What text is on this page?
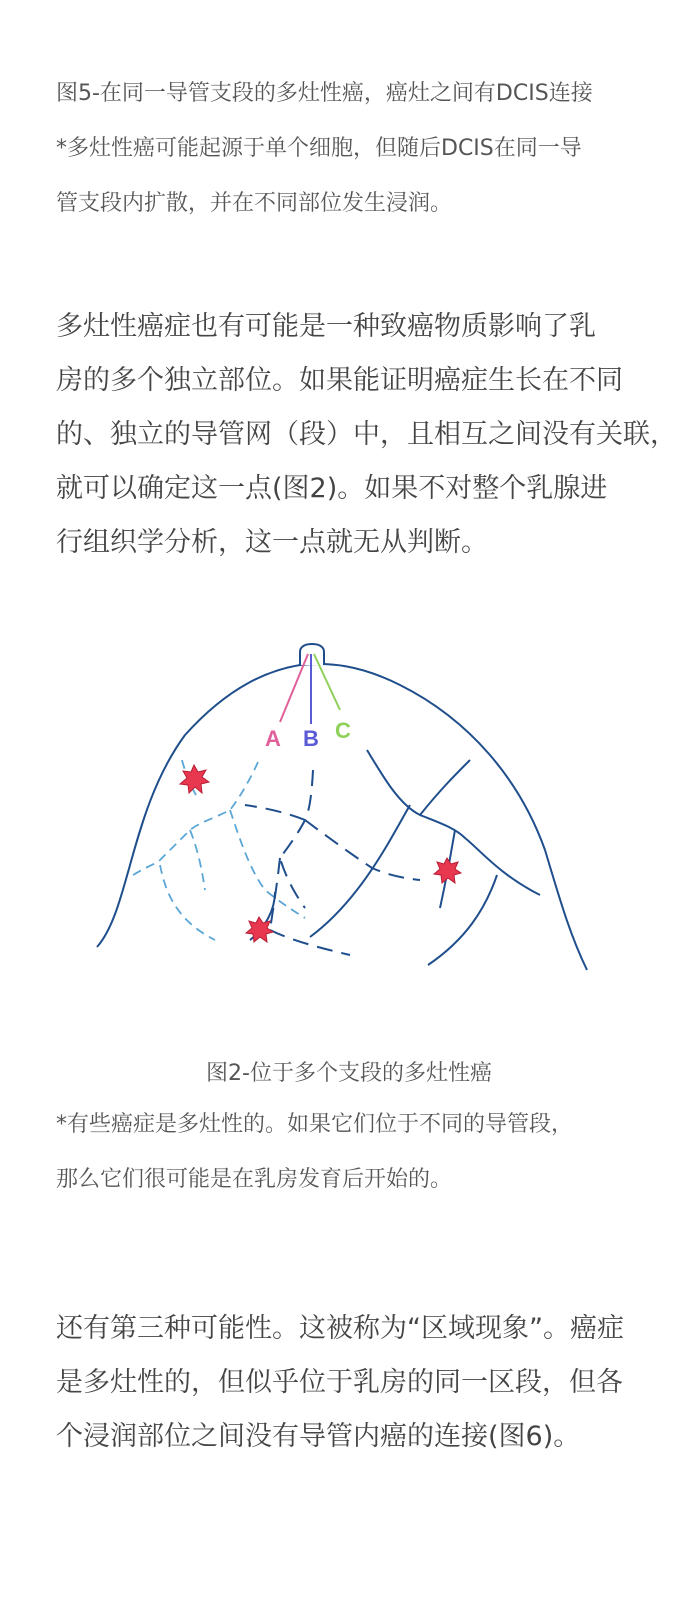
图5-在同一导管支段的多灶性癌，癌灶之间有DCIS连接
*多灶性癌可能起源于单个细胞，但随后DCIS在同一导
管支段内扩散，并在不同部位发生浸润。
多灶性癌症也有可能是一种致癌物质影响了乳
房的多个独立部位。如果能证明癌症生长在不同
的、独立的导管网（段）中，且相互之间没有关联，
就可以确定这一点(图2)。如果不对整个乳腺进
行组织学分析，这一点就无从判断。
A B C
图2-位于多个支段的多灶性癌
*有些癌症是多灶性的。如果它们位于不同的导管段，
那么它们很可能是在乳房发育后开始的。
还有第三种可能性。这被称为“区域现象”。癌症
是多灶性的，但似乎位于乳房的同一区段，但各
个浸润部位之间没有导管内癌的连接(图6)。
